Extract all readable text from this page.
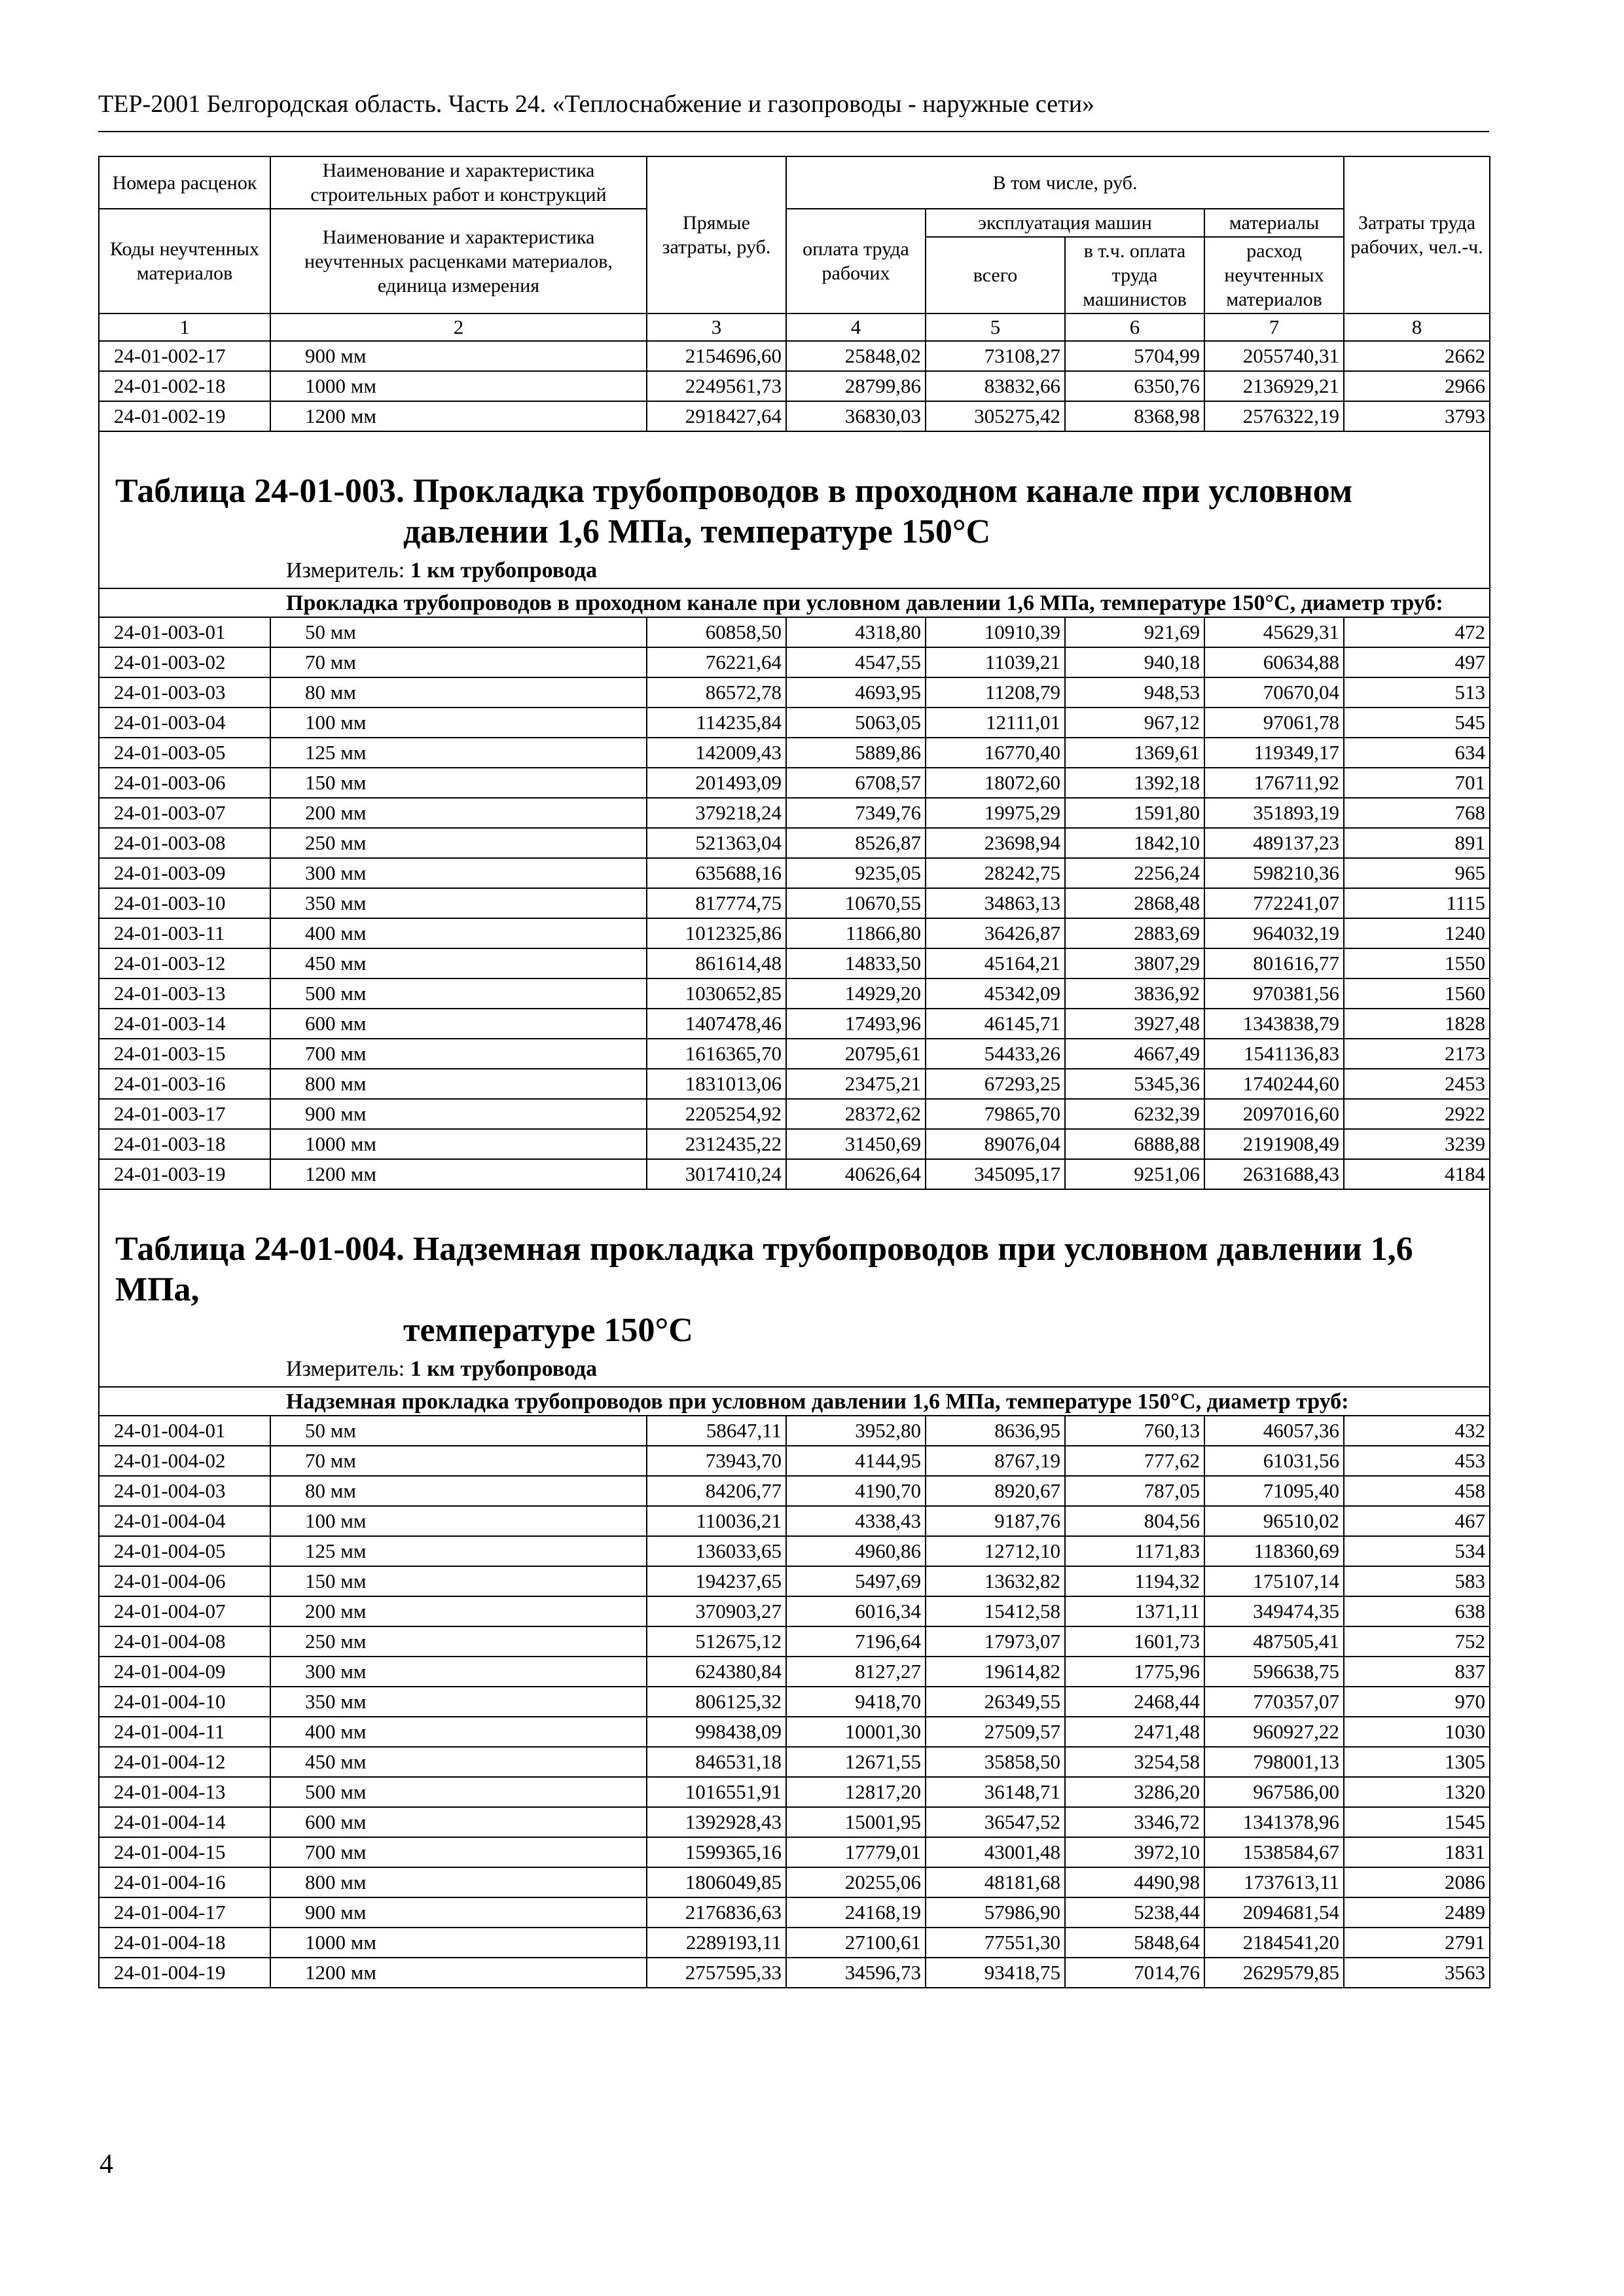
ТЕР-2001 Белгородская область. Часть 24. «Теплоснабжение и газопроводы - наружные сети»
Номера расценок	Наименование и характеристика строительных работ и конструкций	Прямые затраты, руб.	В том числе, руб.				Затраты труда рабочих, чел.-ч.
Коды неучтенных материалов	Наименование и характеристика неучтенных расценками материалов, единица измерения		оплата труда рабочих	эксплуатация машин		материалы	
				всего	в т.ч. оплата труда машинистов	расход неучтенных материалов	
1	2	3	4	5	6	7	8
24-01-002-17	900 мм	2154696,60	25848,02	73108,27	5704,99	2055740,31	2662
24-01-002-18	1000 мм	2249561,73	28799,86	83832,66	6350,76	2136929,21	2966
24-01-002-19	1200 мм	2918427,64	36830,03	305275,42	8368,98	2576322,19	3793

Таблица 24-01-003. Прокладка трубопроводов в проходном канале при условном
давлении 1,6 МПа, температуре 150°С							

Измеритель: 1 км трубопровода							
Прокладка трубопроводов в проходном канале при условном давлении 1,6 МПа, температуре 150°С, диаметр труб:							
24-01-003-01	50 мм	60858,50	4318,80	10910,39	921,69	45629,31	472
24-01-003-02	70 мм	76221,64	4547,55	11039,21	940,18	60634,88	497
24-01-003-03	80 мм	86572,78	4693,95	11208,79	948,53	70670,04	513
24-01-003-04	100 мм	114235,84	5063,05	12111,01	967,12	97061,78	545
24-01-003-05	125 мм	142009,43	5889,86	16770,40	1369,61	119349,17	634
24-01-003-06	150 мм	201493,09	6708,57	18072,60	1392,18	176711,92	701
24-01-003-07	200 мм	379218,24	7349,76	19975,29	1591,80	351893,19	768
24-01-003-08	250 мм	521363,04	8526,87	23698,94	1842,10	489137,23	891
24-01-003-09	300 мм	635688,16	9235,05	28242,75	2256,24	598210,36	965
24-01-003-10	350 мм	817774,75	10670,55	34863,13	2868,48	772241,07	1115
24-01-003-11	400 мм	1012325,86	11866,80	36426,87	2883,69	964032,19	1240
24-01-003-12	450 мм	861614,48	14833,50	45164,21	3807,29	801616,77	1550
24-01-003-13	500 мм	1030652,85	14929,20	45342,09	3836,92	970381,56	1560
24-01-003-14	600 мм	1407478,46	17493,96	46145,71	3927,48	1343838,79	1828
24-01-003-15	700 мм	1616365,70	20795,61	54433,26	4667,49	1541136,83	2173
24-01-003-16	800 мм	1831013,06	23475,21	67293,25	5345,36	1740244,60	2453
24-01-003-17	900 мм	2205254,92	28372,62	79865,70	6232,39	2097016,60	2922
24-01-003-18	1000 мм	2312435,22	31450,69	89076,04	6888,88	2191908,49	3239
24-01-003-19	1200 мм	3017410,24	40626,64	345095,17	9251,06	2631688,43	4184

Таблица 24-01-004. Надземная прокладка трубопроводов при условном давлении 1,6 МПа,
температуре 150°С							

Измеритель: 1 км трубопровода							
Надземная прокладка трубопроводов при условном давлении 1,6 МПа, температуре 150°С, диаметр труб:							
24-01-004-01	50 мм	58647,11	3952,80	8636,95	760,13	46057,36	432
24-01-004-02	70 мм	73943,70	4144,95	8767,19	777,62	61031,56	453
24-01-004-03	80 мм	84206,77	4190,70	8920,67	787,05	71095,40	458
24-01-004-04	100 мм	110036,21	4338,43	9187,76	804,56	96510,02	467
24-01-004-05	125 мм	136033,65	4960,86	12712,10	1171,83	118360,69	534
24-01-004-06	150 мм	194237,65	5497,69	13632,82	1194,32	175107,14	583
24-01-004-07	200 мм	370903,27	6016,34	15412,58	1371,11	349474,35	638
24-01-004-08	250 мм	512675,12	7196,64	17973,07	1601,73	487505,41	752
24-01-004-09	300 мм	624380,84	8127,27	19614,82	1775,96	596638,75	837
24-01-004-10	350 мм	806125,32	9418,70	26349,55	2468,44	770357,07	970
24-01-004-11	400 мм	998438,09	10001,30	27509,57	2471,48	960927,22	1030
24-01-004-12	450 мм	846531,18	12671,55	35858,50	3254,58	798001,13	1305
24-01-004-13	500 мм	1016551,91	12817,20	36148,71	3286,20	967586,00	1320
24-01-004-14	600 мм	1392928,43	15001,95	36547,52	3346,72	1341378,96	1545
24-01-004-15	700 мм	1599365,16	17779,01	43001,48	3972,10	1538584,67	1831
24-01-004-16	800 мм	1806049,85	20255,06	48181,68	4490,98	1737613,11	2086
24-01-004-17	900 мм	2176836,63	24168,19	57986,90	5238,44	2094681,54	2489
24-01-004-18	1000 мм	2289193,11	27100,61	77551,30	5848,64	2184541,20	2791
24-01-004-19	1200 мм	2757595,33	34596,73	93418,75	7014,76	2629579,85	3563
4
